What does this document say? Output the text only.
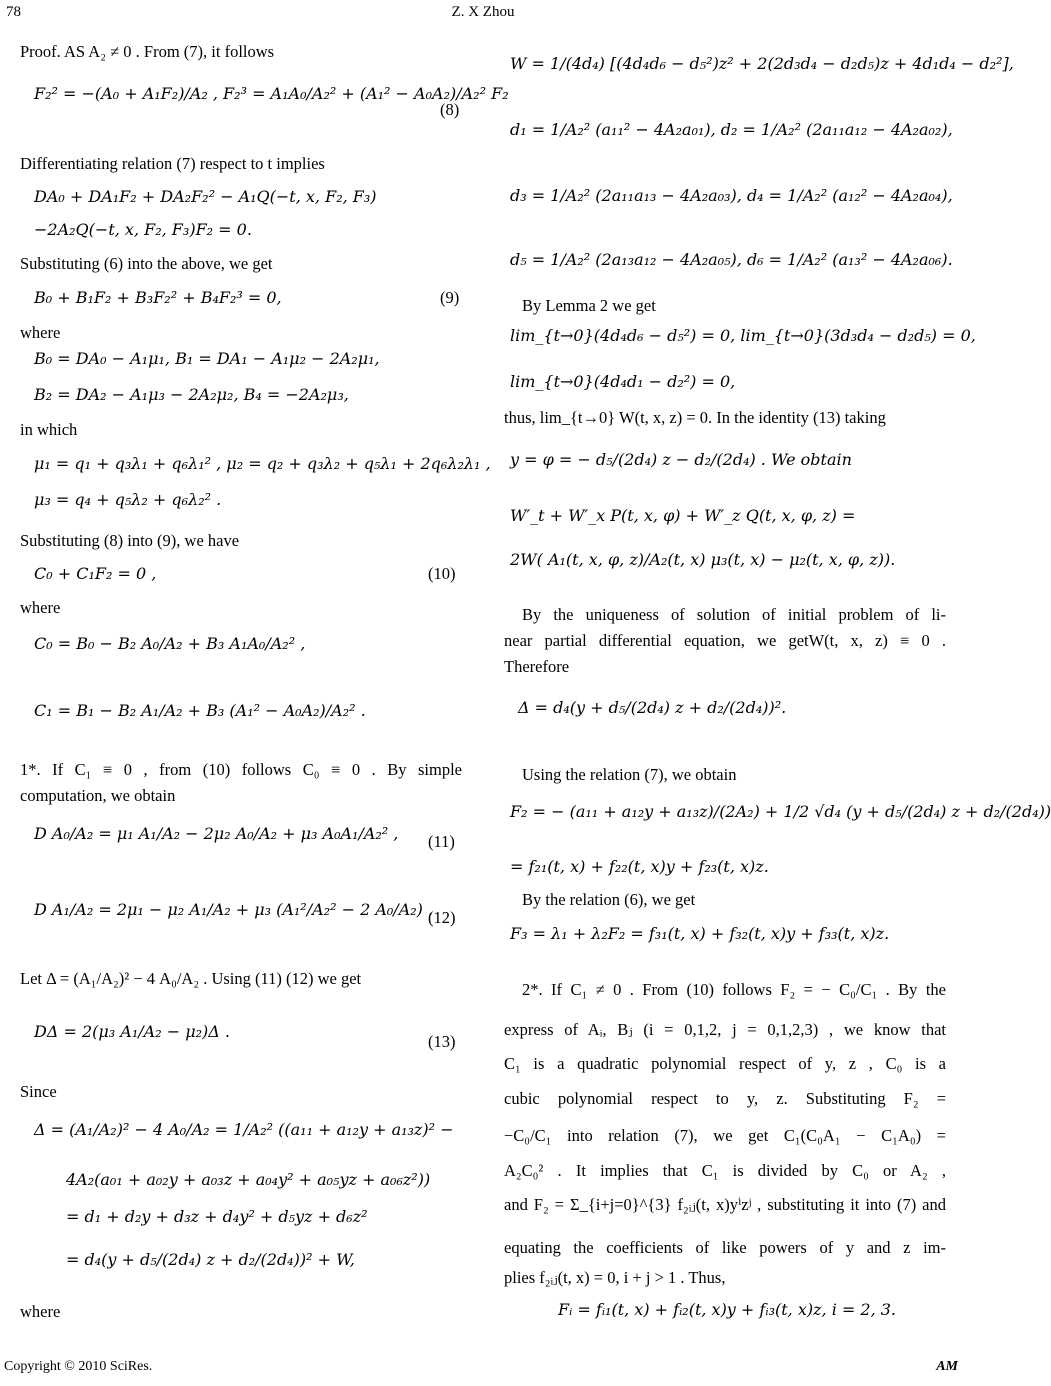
78	Z. X Zhou
Proof. AS A₂ ≠ 0 . From (7), it follows
F₂² = −(A₀ + A₁F₂)/A₂ , F₂³ = A₁A₀/A₂² + (A₁² − A₀A₂)/A₂² F₂
(8)
Differentiating relation (7) respect to t implies
DA₀ + DA₁F₂ + DA₂F₂² − A₁Q(−t, x, F₂, F₃)
−2A₂Q(−t, x, F₂, F₃)F₂ = 0.
Substituting (6) into the above, we get
B₀ + B₁F₂ + B₃F₂² + B₄F₂³ = 0,	(9)
where
B₀ = DA₀ − A₁μ₁, B₁ = DA₁ − A₁μ₂ − 2A₂μ₁,
B₂ = DA₂ − A₁μ₃ − 2A₂μ₂, B₄ = −2A₂μ₃,
in which
μ₁ = q₁ + q₃λ₁ + q₆λ₁² , μ₂ = q₂ + q₃λ₂ + q₅λ₁ + 2q₆λ₂λ₁ ,
μ₃ = q₄ + q₅λ₂ + q₆λ₂² .
Substituting (8) into (9), we have
C₀ + C₁F₂ = 0 ,	(10)
where
C₀ = B₀ − B₂ A₀/A₂ + B₃ A₁A₀/A₂² ,
C₁ = B₁ − B₂ A₁/A₂ + B₃ (A₁² − A₀A₂)/A₂² .
1*. If C₁ ≡ 0 , from (10) follows C₀ ≡ 0 . By simple
computation, we obtain
D A₀/A₂ = μ₁ A₁/A₂ − 2μ₂ A₀/A₂ + μ₃ A₀A₁/A₂² , (11)
D A₁/A₂ = 2μ₁ − μ₂ A₁/A₂ + μ₃ (A₁²/A₂² − 2 A₀/A₂) .
(12)
Let Δ = (A₁/A₂)² − 4 A₀/A₂ . Using (11) (12) we get
DΔ = 2(μ₃ A₁/A₂ − μ₂)Δ .
(13)
Since
Δ = (A₁/A₂)² − 4 A₀/A₂ = 1/A₂² ((a₁₁ + a₁₂y + a₁₃z)² −
4A₂(a₀₁ + a₀₂y + a₀₃z + a₀₄y² + a₀₅yz + a₀₆z²))
= d₁ + d₂y + d₃z + d₄y² + d₅yz + d₆z²
= d₄(y + d₅/(2d₄) z + d₂/(2d₄))² + W,
where
W = 1/(4d₄) [(4d₄d₆ − d₅²)z² + 2(2d₃d₄ − d₂d₅)z + 4d₁d₄ − d₂²],
d₁ = 1/A₂² (a₁₁² − 4A₂a₀₁), d₂ = 1/A₂² (2a₁₁a₁₂ − 4A₂a₀₂),
d₃ = 1/A₂² (2a₁₁a₁₃ − 4A₂a₀₃), d₄ = 1/A₂² (a₁₂² − 4A₂a₀₄),
d₅ = 1/A₂² (2a₁₃a₁₂ − 4A₂a₀₅), d₆ = 1/A₂² (a₁₃² − 4A₂a₀₆).
By Lemma 2 we get
lim_{t→0}(4d₄d₆ − d₅²) = 0, lim_{t→0}(3d₃d₄ − d₂d₅) = 0,
lim_{t→0}(4d₄d₁ − d₂²) = 0,
thus, lim_{t→0} W(t, x, z) = 0. In the identity (13) taking
y = φ = − d₅/(2d₄) z − d₂/(2d₄) . We obtain
W′_t + W′_x P(t, x, φ) + W′_z Q(t, x, φ, z) =
2W( A₁(t, x, φ, z)/A₂(t, x) μ₃(t, x) − μ₂(t, x, φ, z)).
By the uniqueness of solution of initial problem of li-
near partial differential equation, we getW(t, x, z) ≡ 0 .
Therefore
Δ = d₄(y + d₅/(2d₄) z + d₂/(2d₄))².
Using the relation (7), we obtain
F₂ = − (a₁₁ + a₁₂y + a₁₃z)/(2A₂) + 1/2 √d₄ (y + d₅/(2d₄) z + d₂/(2d₄))
= f₂₁(t, x) + f₂₂(t, x)y + f₂₃(t, x)z.
By the relation (6), we get
F₃ = λ₁ + λ₂F₂ = f₃₁(t, x) + f₃₂(t, x)y + f₃₃(t, x)z.
2*. If C₁ ≠ 0 . From (10) follows F₂ = − C₀/C₁ . By the
express of Aᵢ, Bⱼ (i = 0,1,2, j = 0,1,2,3) , we know that
C₁ is a quadratic polynomial respect of y, z , C₀ is a
cubic polynomial respect to y, z. Substituting F₂ =
−C₀/C₁ into relation (7), we get C₁(C₀A₁ − C₁A₀) =
A₂C₀² . It implies that C₁ is divided by C₀ or A₂ ,
and F₂ = Σ_{i+j=0}^{3} f₂ᵢⱼ(t, x)yⁱzʲ , substituting it into (7) and
equating the coefficients of like powers of y and z im-
plies f₂ᵢⱼ(t, x) = 0, i + j > 1 . Thus,
Fᵢ = fᵢ₁(t, x) + fᵢ₂(t, x)y + fᵢ₃(t, x)z, i = 2, 3.
Copyright © 2010 SciRes.	AM
